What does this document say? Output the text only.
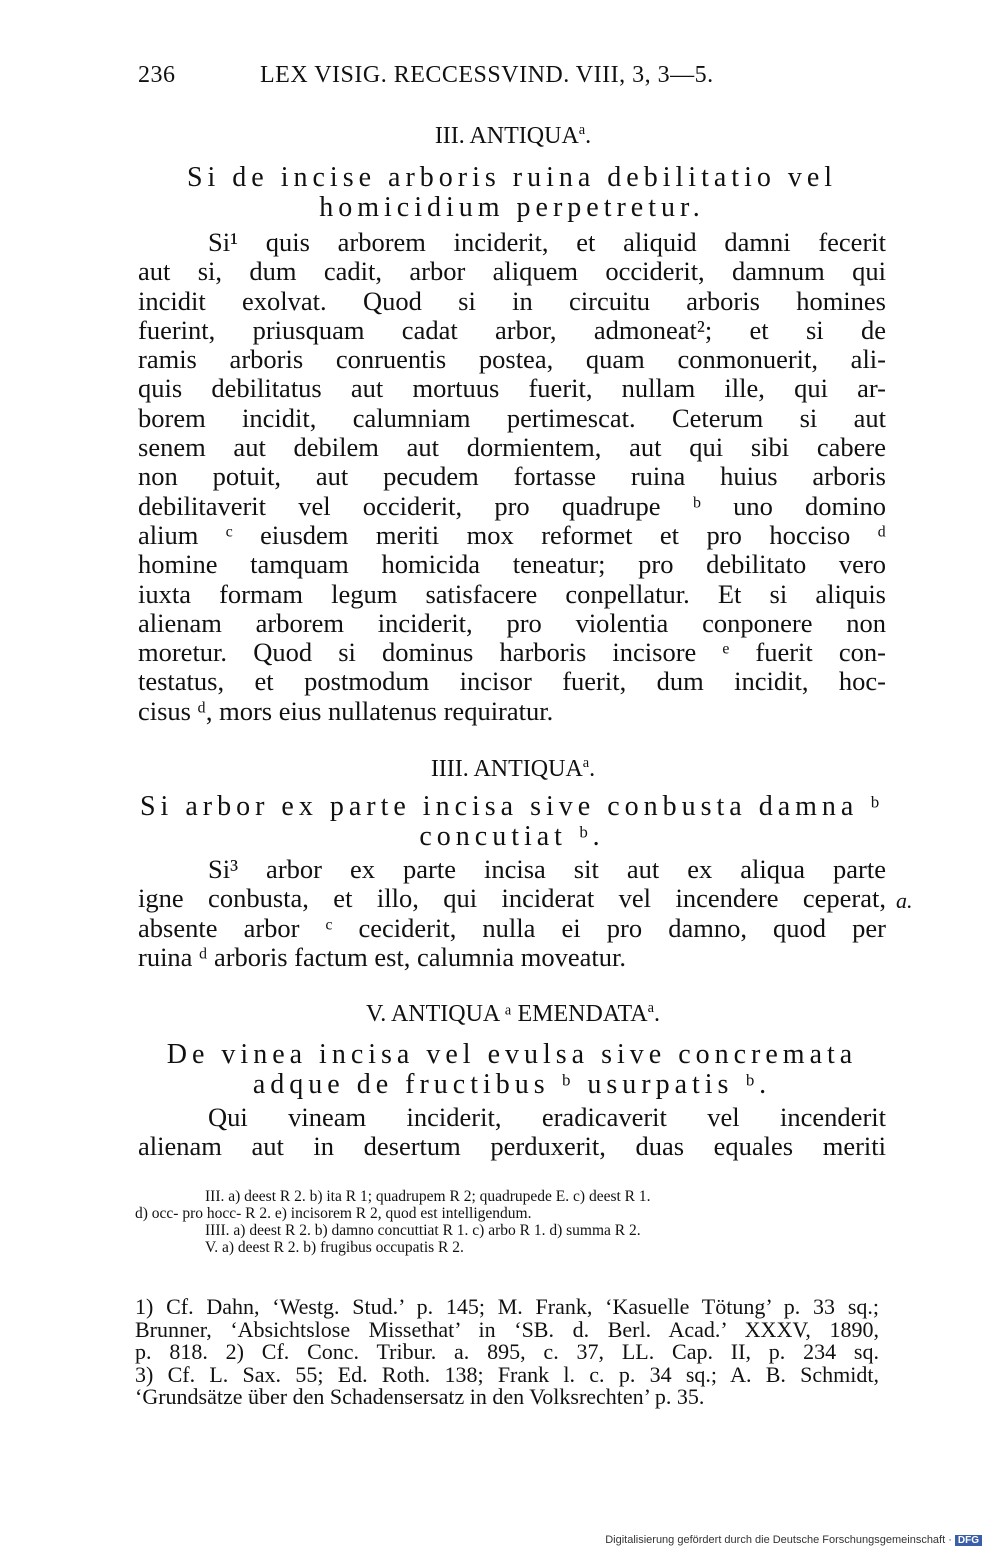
236	LEX VISIG. RECCESSVIND. VIII, 3, 3—5.
III. ANTIQUA$^a$.
Si de incise arboris ruina debilitatio vel
homicidium perpetretur.
Si¹ quis arborem inciderit, et aliquid damni fecerit
aut si, dum cadit, arbor aliquem occiderit, damnum qui
incidit exolvat. Quod si in circuitu arboris homines
fuerint, priusquam cadat arbor, admoneat²; et si de
ramis arboris conruentis postea, quam conmonuerit, ali-
quis debilitatus aut mortuus fuerit, nullam ille, qui ar-
borem incidit, calumniam pertimescat. Ceterum si aut
senem aut debilem aut dormientem, aut qui sibi cabere
non potuit, aut pecudem fortasse ruina huius arboris
debilitaverit vel occiderit, pro quadrupe ᵇ uno domino
alium ᶜ eiusdem meriti mox reformet et pro hocciso ᵈ
homine tamquam homicida teneatur; pro debilitato vero
iuxta formam legum satisfacere conpellatur. Et si aliquis
alienam arborem inciderit, pro violentia conponere non
moretur. Quod si dominus harboris incisore ᵉ fuerit con-
testatus, et postmodum incisor fuerit, dum incidit, hoc-
cisus ᵈ, mors eius nullatenus requiratur.
IIII. ANTIQUA$^a$.
Si arbor ex parte incisa sive conbusta damna ᵇ
concutiat ᵇ.
Si³ arbor ex parte incisa sit aut ex aliqua parte
igne conbusta, et illo, qui inciderat vel incendere ceperat,
absente arbor ᶜ ceciderit, nulla ei pro damno, quod per
ruina ᵈ arboris factum est, calumnia moveatur.
a.
V. ANTIQUA ᵃ EMENDATA$^a$.
De vinea incisa vel evulsa sive concremata
adque de fructibus ᵇ usurpatis ᵇ.
Qui vineam inciderit, eradicaverit vel incenderit
alienam aut in desertum perduxerit, duas equales meriti
III. a) deest R 2. b) ita R 1; quadrupem R 2; quadrupede E. c) deest R 1.
d) occ- pro hocc- R 2. e) incisorem R 2, quod est intelligendum.
IIII. a) deest R 2. b) damno concuttiat R 1. c) arbo R 1. d) summa R 2.
V. a) deest R 2. b) frugibus occupatis R 2.
1) Cf. Dahn, ‘Westg. Stud.’ p. 145; M. Frank, ‘Kasuelle Tötung’ p. 33 sq.;
Brunner, ‘Absichtslose Missethat’ in ‘SB. d. Berl. Acad.’ XXXV, 1890,
p. 818. 2) Cf. Conc. Tribur. a. 895, c. 37, LL. Cap. II, p. 234 sq.
3) Cf. L. Sax. 55; Ed. Roth. 138; Frank l. c. p. 34 sq.; A. B. Schmidt,
‘Grundsätze über den Schadensersatz in den Volksrechten’ p. 35.
Digitalisierung gefördert durch die Deutsche Forschungsgemeinschaft · DFG
